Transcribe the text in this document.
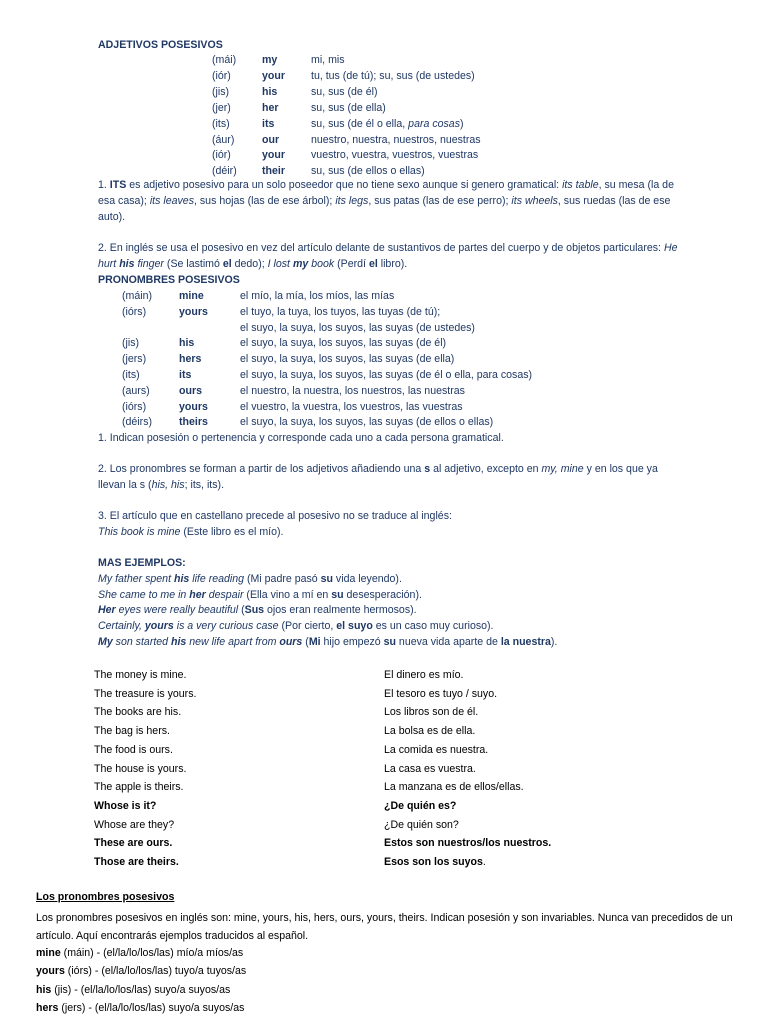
ADJETIVOS POSESIVOS
(mái) my	mi, mis
(iór)	your tu, tus (de tú); su, sus (de ustedes)
(jis)	his	su, sus (de él)
(jer)	her	su, sus (de ella)
(its)	its	su, sus (de él o ella, para cosas)
(áur)	our	nuestro, nuestra, nuestros, nuestras
(iór)	your vuestro, vuestra, vuestros, vuestras
(déir) their su, sus (de ellos o ellas)
1. ITS es adjetivo posesivo para un solo poseedor que no tiene sexo aunque si genero gramatical: its table, su mesa (la de esa casa); its leaves, sus hojas (las de ese árbol); its legs, sus patas (las de ese perro); its wheels, sus ruedas (las de ese auto).
2. En inglés se usa el posesivo en vez del artículo delante de sustantivos de partes del cuerpo y de objetos particulares: He hurt his finger (Se lastimó el dedo); I lost my book (Perdí el libro).
PRONOMBRES POSESIVOS
(máin)	mine	el mío, la mía, los míos, las mías
(iórs)	yours	el tuyo, la tuya, los tuyos, las tuyas (de tú);
el suyo, la suya, los suyos, las suyas (de ustedes)
(jis)	his	el suyo, la suya, los suyos, las suyas (de él)
(jers)	hers	el suyo, la suya, los suyos, las suyas (de ella)
(its)	its	el suyo, la suya, los suyos, las suyas (de él o ella, para cosas)
(aurs)	ours	el nuestro, la nuestra, los nuestros, las nuestras
(iórs)	yours	el vuestro, la vuestra, los vuestros, las vuestras
(déirs)	theirs	el suyo, la suya, los suyos, las suyas (de ellos o ellas)
1. Indican posesión o pertenencia y corresponde cada uno a cada persona gramatical.
2. Los pronombres se forman a partir de los adjetivos añadiendo una s al adjetivo, excepto en my, mine y en los que ya llevan la s (his, his; its, its).
3. El artículo que en castellano precede al posesivo no se traduce al inglés:
This book is mine (Este libro es el mío).
MAS EJEMPLOS:
My father spent his life reading (Mi padre pasó su vida leyendo).
She came to me in her despair (Ella vino a mí en su desesperación).
Her eyes were really beautiful (Sus ojos eran realmente hermosos).
Certainly, yours is a very curious case (Por cierto, el suyo es un caso muy curioso).
My son started his new life apart from ours (Mi hijo empezó su nueva vida aparte de la nuestra).
The money is mine.	El dinero es mío.
The treasure is yours.	El tesoro es tuyo / suyo.
The books are his.	Los libros son de él.
The bag is hers.	La bolsa es de ella.
The food is ours.	La comida es nuestra.
The house is yours.	La casa es vuestra.
The apple is theirs.	La manzana es de ellos/ellas.
Whose is it?	¿De quién es?
Whose are they?	¿De quién son?
These are ours.	Estos son nuestros/los nuestros.
Those are theirs.	Esos son los suyos.
Los pronombres posesivos
Los pronombres posesivos en inglés son: mine, yours, his, hers, ours, yours, theirs. Indican posesión y son invariables. Nunca van precedidos de un artículo. Aquí encontrarás ejemplos traducidos al español.
mine (máin) - (el/la/lo/los/las) mío/a míos/as
yours (iórs) - (el/la/lo/los/las) tuyo/a tuyos/as
his (jis) - (el/la/lo/los/las) suyo/a suyos/as
hers (jers) - (el/la/lo/los/las) suyo/a suyos/as
